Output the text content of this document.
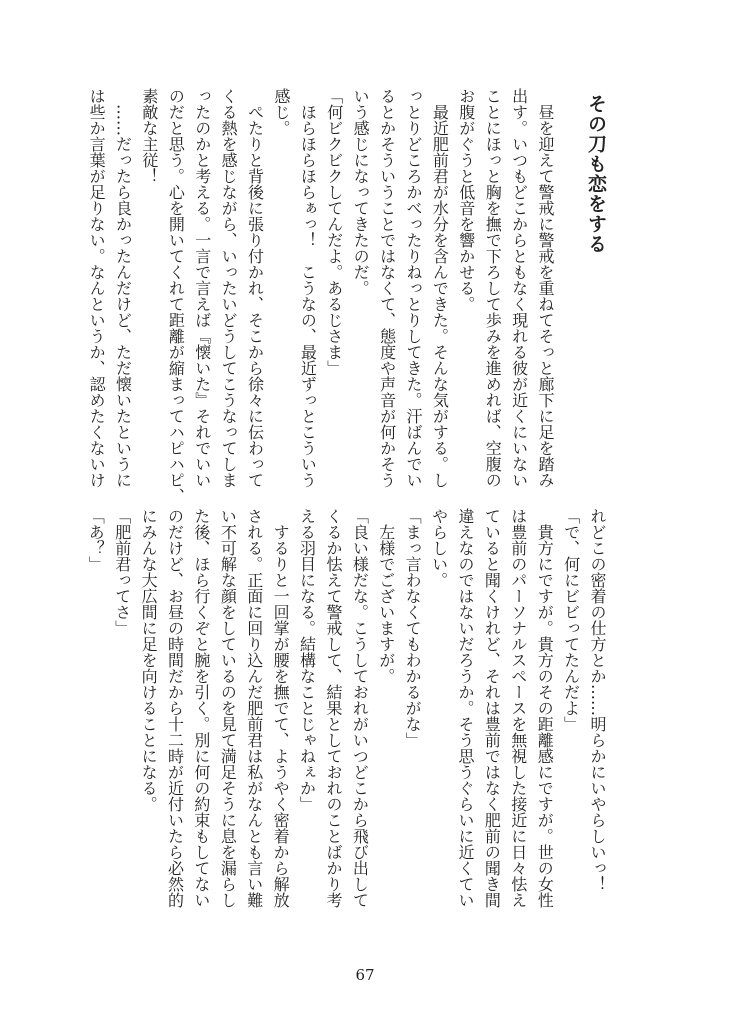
その刀も恋をする
　昼を迎えて警戒に警戒を重ねてそっと廊下に足を踏み
出す。いつもどこからともなく現れる彼が近くにいない
ことにほっと胸を撫で下ろして歩みを進めれば、空腹の
お腹がぐうと低音を響かせる。
　最近肥前君が水分を含んできた。そんな気がする。し
っとりどころかべったりねっとりしてきた。汗ばんでい
るとかそういうことではなくて、態度や声音が何かそう
いう感じになってきたのだ。
「何ビクビクしてんだよ。あるじさま」
　ほらほらほらぁっ！　こうなの、最近ずっとこういう
感じ。
　ぺたりと背後に張り付かれ、そこから徐々に伝わって
くる熱を感じながら、いったいどうしてこうなってしま
ったのかと考える。一言で言えば『懐いた』それでいい
のだと思う。心を開いてくれて距離が縮まってハピハピ、
素敵な主従！
　……だったら良かったんだけど、ただ懐いたというに
は些か言葉が足りない。なんというか、認めたくないけ
れどこの密着の仕方とか……明らかにいやらしいっ！
「で、何にビビってたんだよ」
　貴方にですが。貴方のその距離感にですが。世の女性
は豊前のパーソナルスペースを無視した接近に日々怯え
ていると聞くけれど、それは豊前ではなく肥前の聞き間
違えなのではないだろうか。そう思うぐらいに近くてい
やらしい。
「まっ言わなくてもわかるがな」
　左様でございますが。
「良い様だな。こうしておれがいつどこから飛び出して
くるか怯えて警戒して、結果としておれのことばかり考
える羽目になる。結構なことじゃねぇか」
　するりと一回掌が腰を撫でて、ようやく密着から解放
される。正面に回り込んだ肥前君は私がなんとも言い難
い不可解な顔をしているのを見て満足そうに息を漏らし
た後、ほら行くぞと腕を引く。別に何の約束もしてない
のだけど、お昼の時間だから十二時が近付いたら必然的
にみんな大広間に足を向けることになる。
「肥前君ってさ」
「あ？」
67
